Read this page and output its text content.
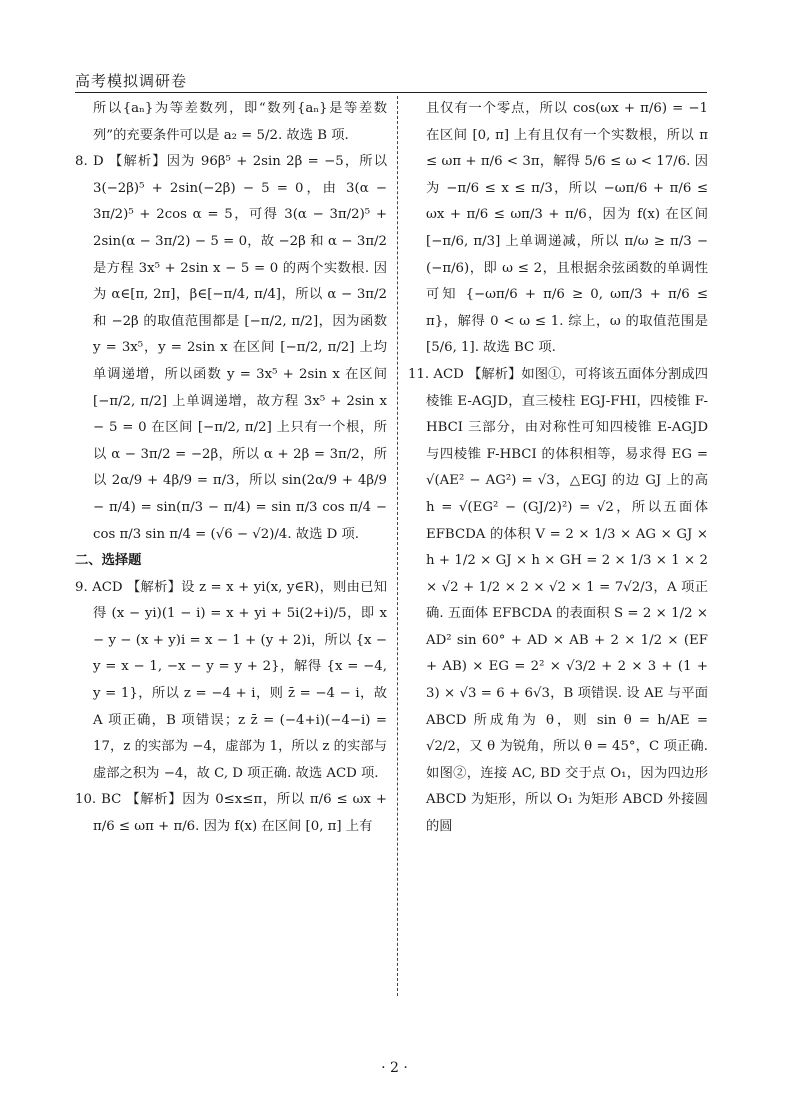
高考模拟调研卷

所以{aₙ}为等差数列，即“数列{aₙ}是等差数列”的充要条件可以是 a₂ = 5/2. 故选 B 项.

8. D 【解析】因为 96β⁵ + 2sin 2β = −5，所以 3(−2β)⁵ + 2sin(−2β) − 5 = 0，由 3(α − 3π/2)⁵ + 2cos α = 5，可得 3(α − 3π/2)⁵ + 2sin(α − 3π/2) − 5 = 0，故 −2β 和 α − 3π/2 是方程 3x⁵ + 2sin x − 5 = 0 的两个实数根. 因为 α∈[π, 2π]，β∈[−π/4, π/4]，所以 α − 3π/2 和 −2β 的取值范围都是 [−π/2, π/2]，因为函数 y = 3x⁵，y = 2sin x 在区间 [−π/2, π/2] 上均单调递增，所以函数 y = 3x⁵ + 2sin x 在区间 [−π/2, π/2] 上单调递增，故方程 3x⁵ + 2sin x − 5 = 0 在区间 [−π/2, π/2] 上只有一个根，所以 α − 3π/2 = −2β，所以 α + 2β = 3π/2，所以 2α/9 + 4β/9 = π/3，所以 sin(2α/9 + 4β/9 − π/4) = sin(π/3 − π/4) = sin π/3 cos π/4 − cos π/3 sin π/4 = (√6 − √2)/4. 故选 D 项.

二、选择题

9. ACD 【解析】设 z = x + yi(x, y∈R)，则由已知得 (x − yi)(1 − i) = x + yi + 5i(2+i)/5，即 x − y − (x + y)i = x − 1 + (y + 2)i，所以 {x − y = x − 1, −x − y = y + 2}，解得 {x = −4, y = 1}，所以 z = −4 + i，则 z̄ = −4 − i，故 A 项正确，B 项错误；z z̄ = (−4+i)(−4−i) = 17，z 的实部为 −4，虚部为 1，所以 z 的实部与虚部之积为 −4，故 C, D 项正确. 故选 ACD 项.

10. BC 【解析】因为 0≤x≤π，所以 π/6 ≤ ωx + π/6 ≤ ωπ + π/6. 因为 f(x) 在区间 [0, π] 上有

且仅有一个零点，所以 cos(ωx + π/6) = −1 在区间 [0, π] 上有且仅有一个实数根，所以 π ≤ ωπ + π/6 < 3π，解得 5/6 ≤ ω < 17/6. 因为 −π/6 ≤ x ≤ π/3，所以 −ωπ/6 + π/6 ≤ ωx + π/6 ≤ ωπ/3 + π/6，因为 f(x) 在区间 [−π/6, π/3] 上单调递减，所以 π/ω ≥ π/3 − (−π/6)，即 ω ≤ 2，且根据余弦函数的单调性可知 {−ωπ/6 + π/6 ≥ 0, ωπ/3 + π/6 ≤ π}，解得 0 < ω ≤ 1. 综上，ω 的取值范围是 [5/6, 1]. 故选 BC 项.

11. ACD 【解析】如图①，可将该五面体分割成四棱锥 E-AGJD，直三棱柱 EGJ-FHI，四棱锥 F-HBCI 三部分，由对称性可知四棱锥 E-AGJD 与四棱锥 F-HBCI 的体积相等，易求得 EG = √(AE² − AG²) = √3，△EGJ 的边 GJ 上的高 h = √(EG² − (GJ/2)²) = √2，所以五面体 EFBCDA 的体积 V = 2 × 1/3 × AG × GJ × h + 1/2 × GJ × h × GH = 2 × 1/3 × 1 × 2 × √2 + 1/2 × 2 × √2 × 1 = 7√2/3，A 项正确. 五面体 EFBCDA 的表面积 S = 2 × 1/2 × AD² sin 60° + AD × AB + 2 × 1/2 × (EF + AB) × EG = 2² × √3/2 + 2 × 3 + (1 + 3) × √3 = 6 + 6√3，B 项错误. 设 AE 与平面 ABCD 所成角为 θ，则 sin θ = h/AE = √2/2，又 θ 为锐角，所以 θ = 45°，C 项正确. 如图②，连接 AC, BD 交于点 O₁，因为四边形 ABCD 为矩形，所以 O₁ 为矩形 ABCD 外接圆的圆

· 2 ·
